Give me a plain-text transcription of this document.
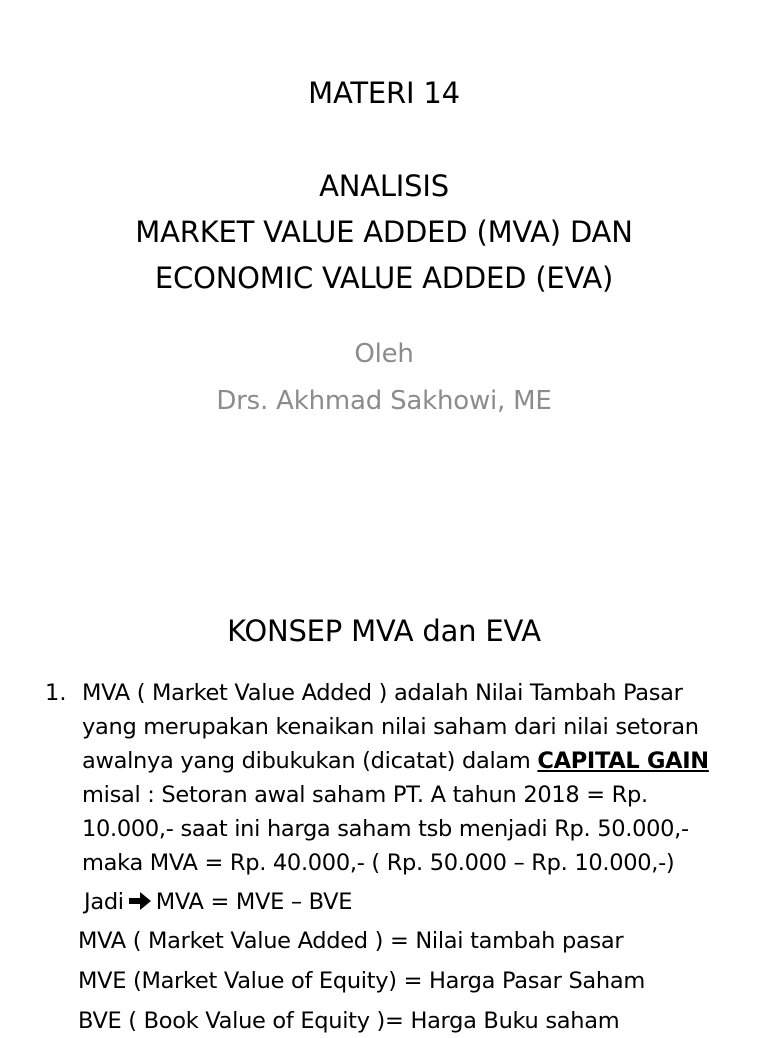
MATERI 14
ANALISIS
MARKET VALUE ADDED (MVA) DAN
ECONOMIC VALUE ADDED (EVA)
Oleh
Drs. Akhmad Sakhowi, ME
KONSEP MVA dan EVA
1. MVA ( Market Value Added ) adalah Nilai Tambah Pasar
yang merupakan kenaikan nilai saham dari nilai setoran
awalnya yang dibukukan (dicatat) dalam CAPITAL GAIN
misal : Setoran awal saham PT. A tahun 2018 = Rp.
10.000,- saat ini harga saham tsb menjadi Rp. 50.000,-
maka MVA = Rp. 40.000,- ( Rp. 50.000 – Rp. 10.000,-)
Jadi MVA = MVE – BVE
MVA ( Market Value Added ) = Nilai tambah pasar
MVE (Market Value of Equity) = Harga Pasar Saham
BVE ( Book Value of Equity )= Harga Buku saham
